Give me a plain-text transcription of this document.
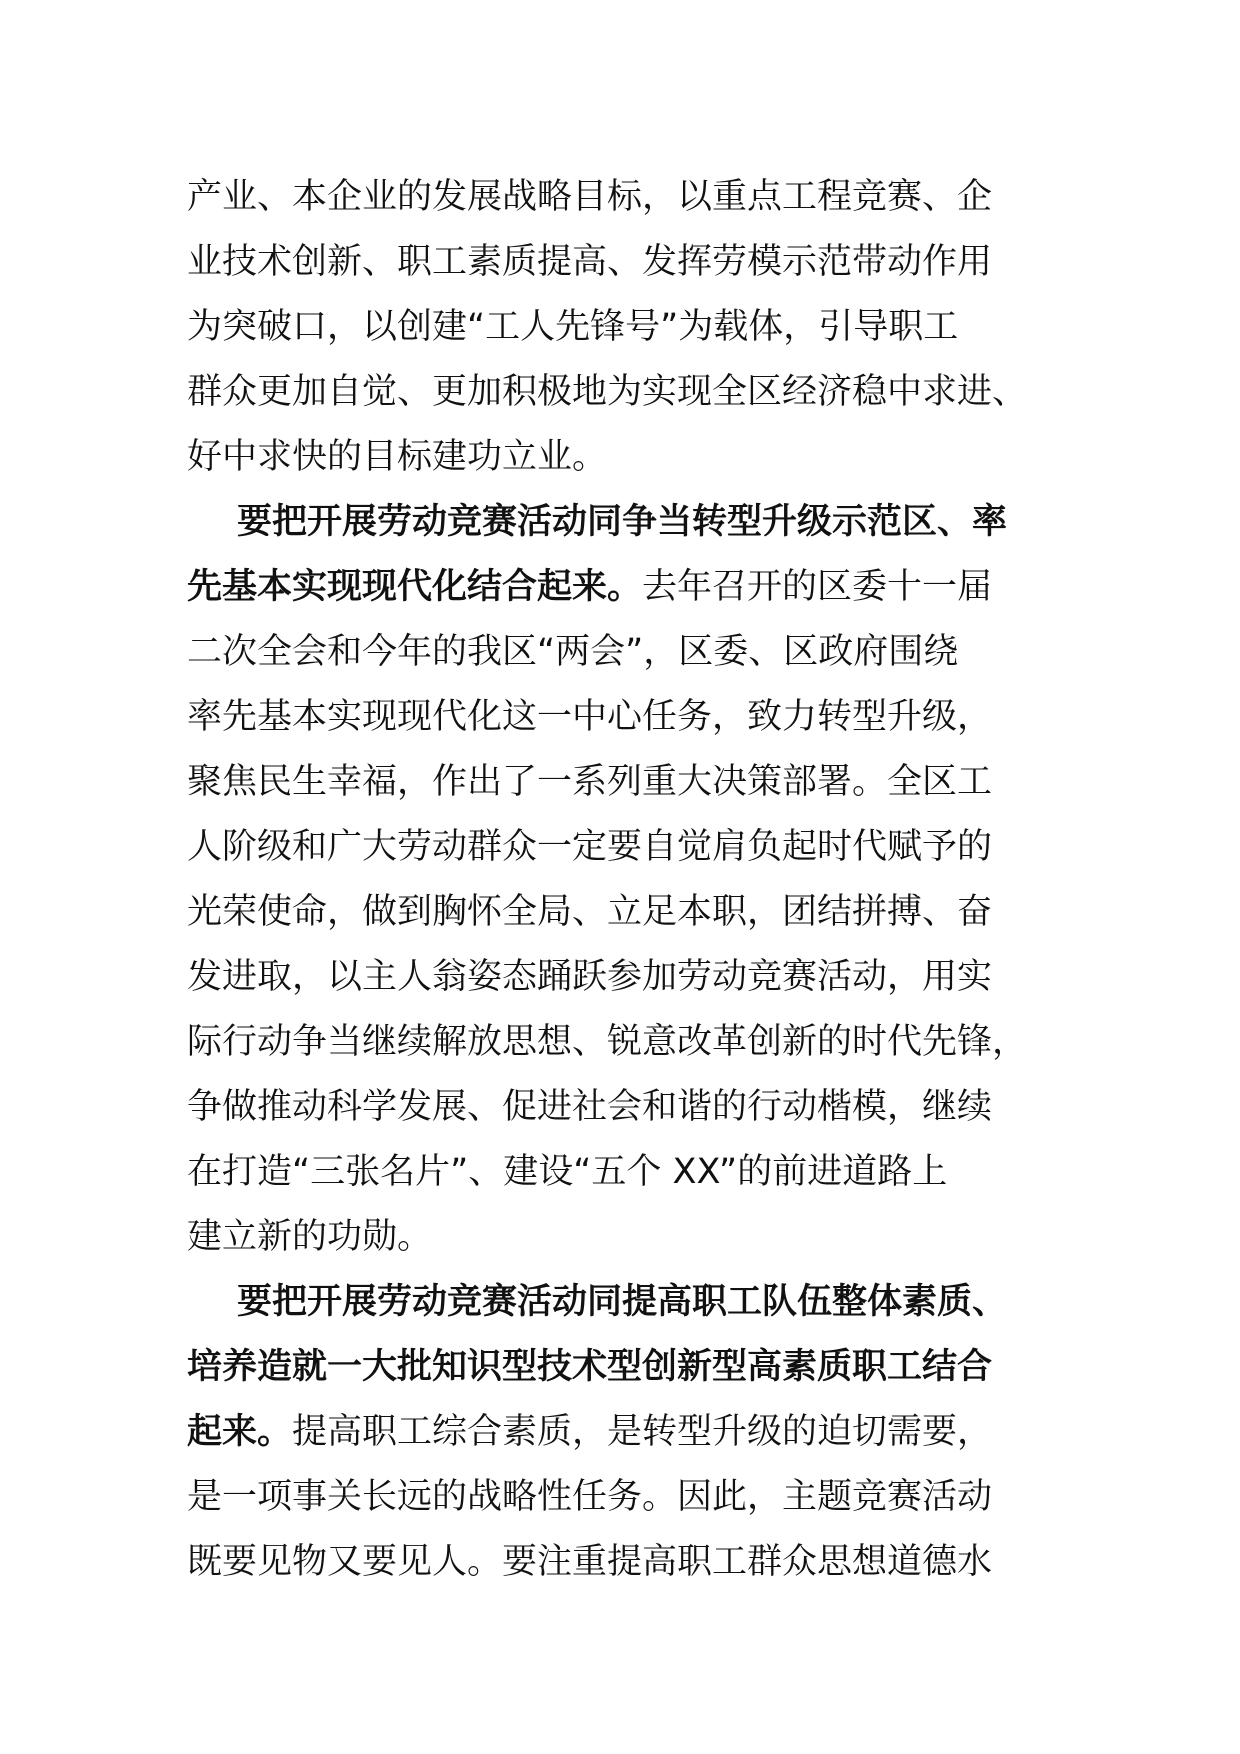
产业、本企业的发展战略目标，以重点工程竞赛、企
业技术创新、职工素质提高、发挥劳模示范带动作用
为突破口，以创建“工人先锋号”为载体，引导职工
群众更加自觉、更加积极地为实现全区经济稳中求进、
好中求快的目标建功立业。
要把开展劳动竞赛活动同争当转型升级示范区、率
先基本实现现代化结合起来。去年召开的区委十一届
二次全会和今年的我区“两会”，区委、区政府围绕
率先基本实现现代化这一中心任务，致力转型升级，
聚焦民生幸福，作出了一系列重大决策部署。全区工
人阶级和广大劳动群众一定要自觉肩负起时代赋予的
光荣使命，做到胸怀全局、立足本职，团结拼搏、奋
发进取，以主人翁姿态踊跃参加劳动竞赛活动，用实
际行动争当继续解放思想、锐意改革创新的时代先锋，
争做推动科学发展、促进社会和谐的行动楷模，继续
在打造“三张名片”、建设“五个 XX”的前进道路上
建立新的功勋。
要把开展劳动竞赛活动同提高职工队伍整体素质、
培养造就一大批知识型技术型创新型高素质职工结合
起来。提高职工综合素质，是转型升级的迫切需要，
是一项事关长远的战略性任务。因此，主题竞赛活动
既要见物又要见人。要注重提高职工群众思想道德水
